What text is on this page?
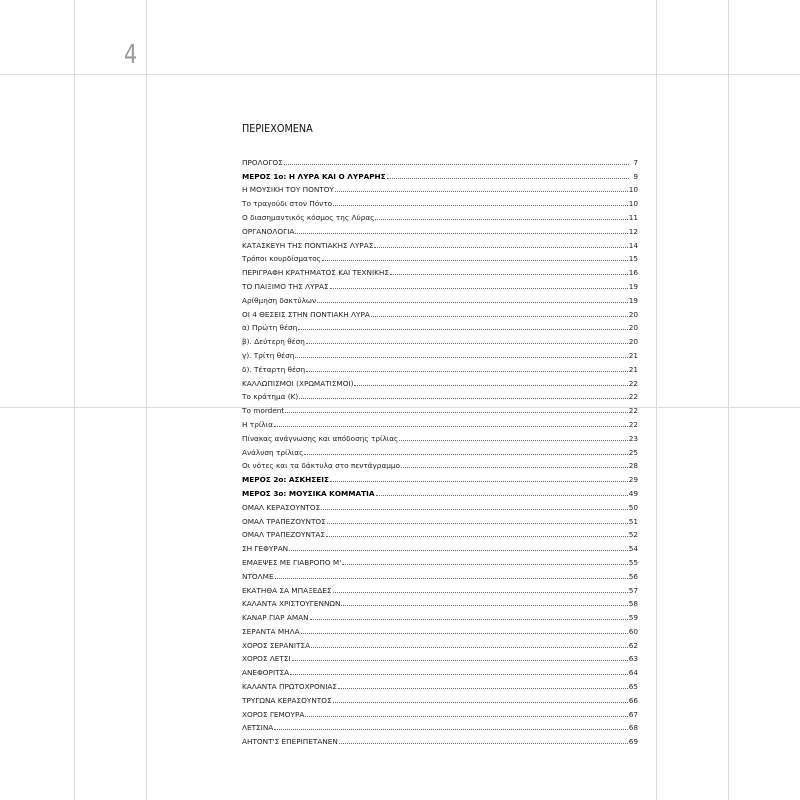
4
ΠΕΡΙΕΧΟΜΕΝΑ
ΠΡΟΛΟΓΟΣ	7
ΜΕΡΟΣ 1ο: Η ΛΥΡΑ ΚΑΙ Ο ΛΥΡΑΡΗΣ	9
Η ΜΟΥΣΙΚΗ ΤΟΥ ΠΟΝΤΟΥ	10
Το τραγούδι στον Πόντο	10
Ο διασημαντικός κόσμος της Λύρας	11
ΟΡΓΑΝΟΛΟΓΙΑ	12
ΚΑΤΑΣΚΕΥΗ ΤΗΣ ΠΟΝΤΙΑΚΗΣ ΛΥΡΑΣ	14
Τρόποι κουρδίσματος	15
ΠΕΡΙΓΡΑΦΗ ΚΡΑΤΗΜΑΤΟΣ ΚΑΙ ΤΕΧΝΙΚΗΣ	16
ΤΟ ΠΑΙΞΙΜΟ ΤΗΣ ΛΥΡΑΣ	19
Αρίθμηση δακτύλων	19
ΟΙ 4 ΘΕΣΕΙΣ ΣΤΗΝ ΠΟΝΤΙΑΚΗ ΛΥΡΑ	20
α) Πρώτη θέση	20
β). Δεύτερη θέση	20
γ). Τρίτη θέση	21
δ). Τέταρτη θέση	21
ΚΑΛΛΩΠΙΣΜΟΙ (ΧΡΩΜΑΤΙΣΜΟΙ)	22
Το κράτημα (Κ)	22
Το mordent	22
Η τρίλια	22
Πίνακας ανάγνωσης και απόδοσης τρίλιας	23
Ανάλυση τρίλιας	25
Οι νότες και τα δάκτυλα στο πεντάγραμμο	28
ΜΕΡΟΣ 2ο: ΑΣΚΗΣΕΙΣ	29
ΜΕΡΟΣ 3ο: ΜΟΥΣΙΚΑ ΚΟΜΜΑΤΙΑ	49
ΟΜΑΛ ΚΕΡΑΣΟΥΝΤΟΣ	50
ΟΜΑΛ ΤΡΑΠΕΖΟΥΝΤΟΣ	51
ΟΜΑΛ ΤΡΑΠΕΖΟΥΝΤΑΣ	52
ΣΗ ΓΕΦΥΡΑΝ	54
ΕΜΑΕΨΕΣ ΜΕ ΓΙΑΒΡΟΠΟ Μ'	55
ΝΤΟΛΜΕ	56
ΕΚΑΤΗΘΑ ΣΑ ΜΠΑΞΕΔΕΣ	57
ΚΑΛΑΝΤΑ ΧΡΙΣΤΟΥΓΕΝΝΩΝ	58
ΚΑΝΑΡ ΓΙΑΡ ΑΜΑΝ	59
ΣΕΡΑΝΤΑ ΜΗΛΑ	60
ΧΟΡΟΣ ΣΕΡΑΝΙΤΣΑ	62
ΧΟΡΟΣ ΛΕΤΣΙ	63
ΑΝΕΦΟΡΙΤΣΑ	64
ΚΑΛΑΝΤΑ ΠΡΩΤΟΧΡΟΝΙΑΣ	65
ΤΡΥΓΩΝΑ ΚΕΡΑΣΟΥΝΤΟΣ	66
ΧΟΡΟΣ ΓΕΜΟΥΡΑ	67
ΛΕΤΣΙΝΑ	68
ΑΗΤΟΝΤ'Σ ΕΠΕΡΙΠΕΤΑΝΕΝ	69
